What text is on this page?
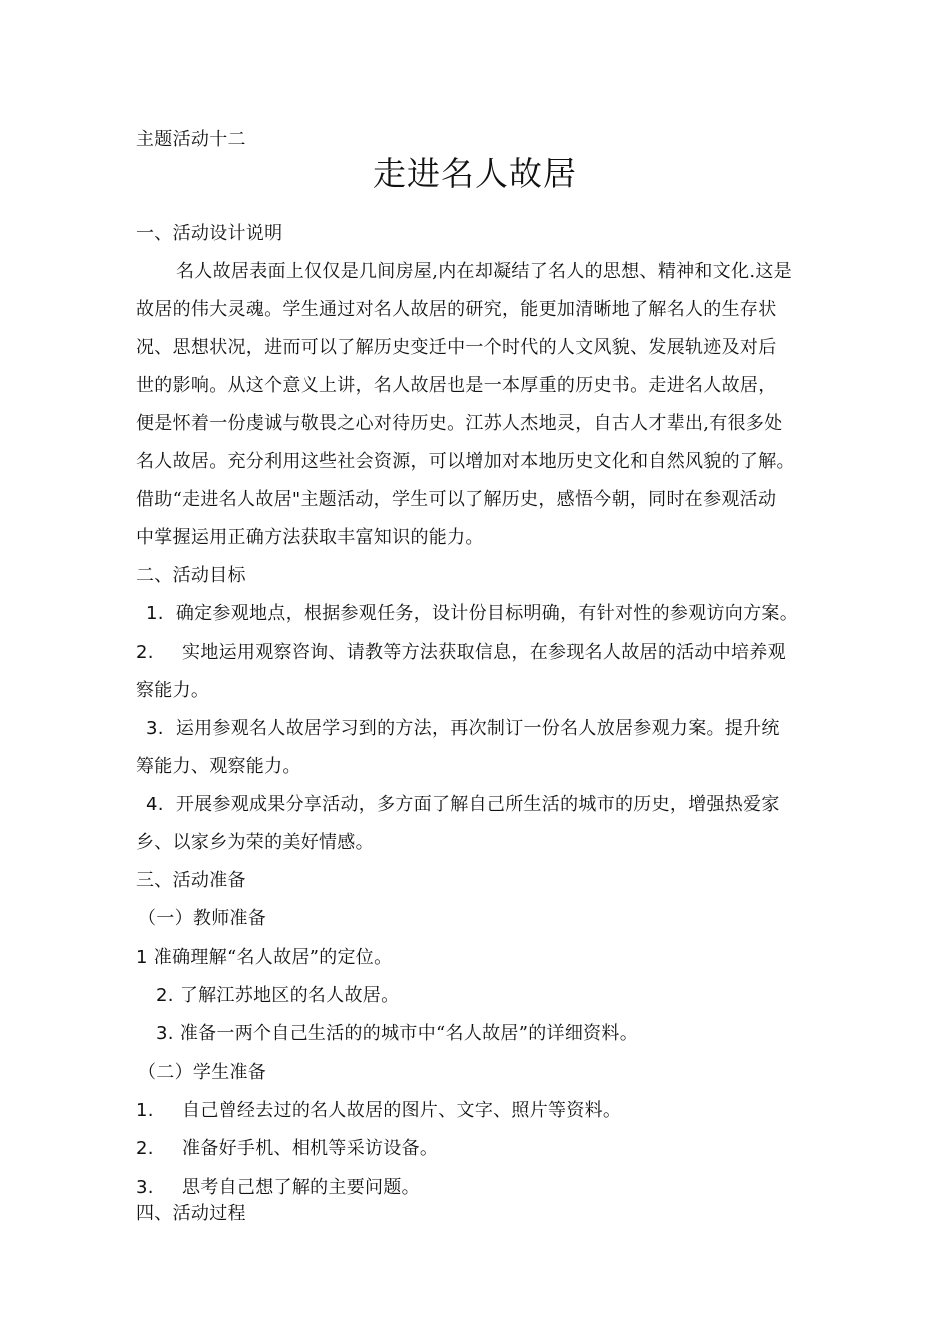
主题活动十二
走进名人故居
一、活动设计说明
名人故居表面上仅仅是几间房屋,内在却凝结了名人的思想、精神和文化.这是
故居的伟大灵魂。学生通过对名人故居的研究，能更加清晰地了解名人的生存状
况、思想状况，进而可以了解历史变迁中一个时代的人文风貌、发展轨迹及对后
世的影响。从这个意义上讲，名人故居也是一本厚重的历史书。走进名人故居，
便是怀着一份虔诚与敬畏之心对待历史。江苏人杰地灵，自古人才辈出,有很多处
名人故居。充分利用这些社会资源，可以增加对本地历史文化和自然风貌的了解。
借助“走进名人故居"主题活动，学生可以了解历史，感悟今朝，同时在参观活动
中掌握运用正确方法获取丰富知识的能力。
二、活动目标
1. 确定参观地点，根据参观任务，设计份目标明确，有针对性的参观访向方案。
2. 实地运用观察咨询、请教等方法获取信息，在参现名人故居的活动中培养观
察能力。
3. 运用参观名人故居学习到的方法，再次制订一份名人放居参观力案。提升统
筹能力、观察能力。
4. 开展参观成果分享活动，多方面了解自己所生活的城市的历史，增强热爱家
乡、以家乡为荣的美好情感。
三、活动准备
（一）教师准备
1 准确理解“名人故居”的定位。
2. 了解江苏地区的名人故居。
3. 准备一两个自己生活的的城市中“名人故居”的详细资料。
（二）学生准备
1. 自己曾经去过的名人故居的图片、文字、照片等资料。
2. 准备好手机、相机等采访设备。
3. 思考自己想了解的主要问题。
四、活动过程
